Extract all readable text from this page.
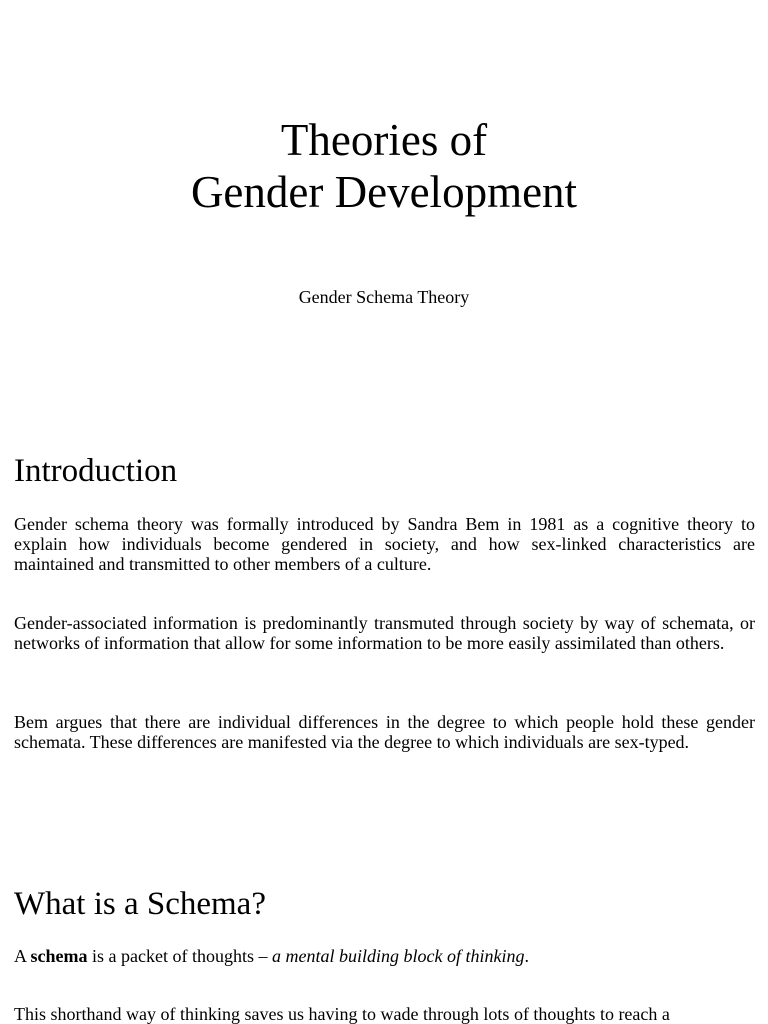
Theories of
Gender Development

Gender Schema Theory

Introduction

Gender schema theory was formally introduced by Sandra Bem in 1981 as a cognitive theory to explain how individuals become gendered in society, and how sex-linked characteristics are maintained and transmitted to other members of a culture.

Gender-associated information is predominantly transmuted through society by way of schemata, or networks of information that allow for some information to be more easily assimilated than others.

Bem argues that there are individual differences in the degree to which people hold these gender schemata. These differences are manifested via the degree to which individuals are sex-typed.

What is a Schema?

A schema is a packet of thoughts – a mental building block of thinking.

This shorthand way of thinking saves us having to wade through lots of thoughts to reach a
